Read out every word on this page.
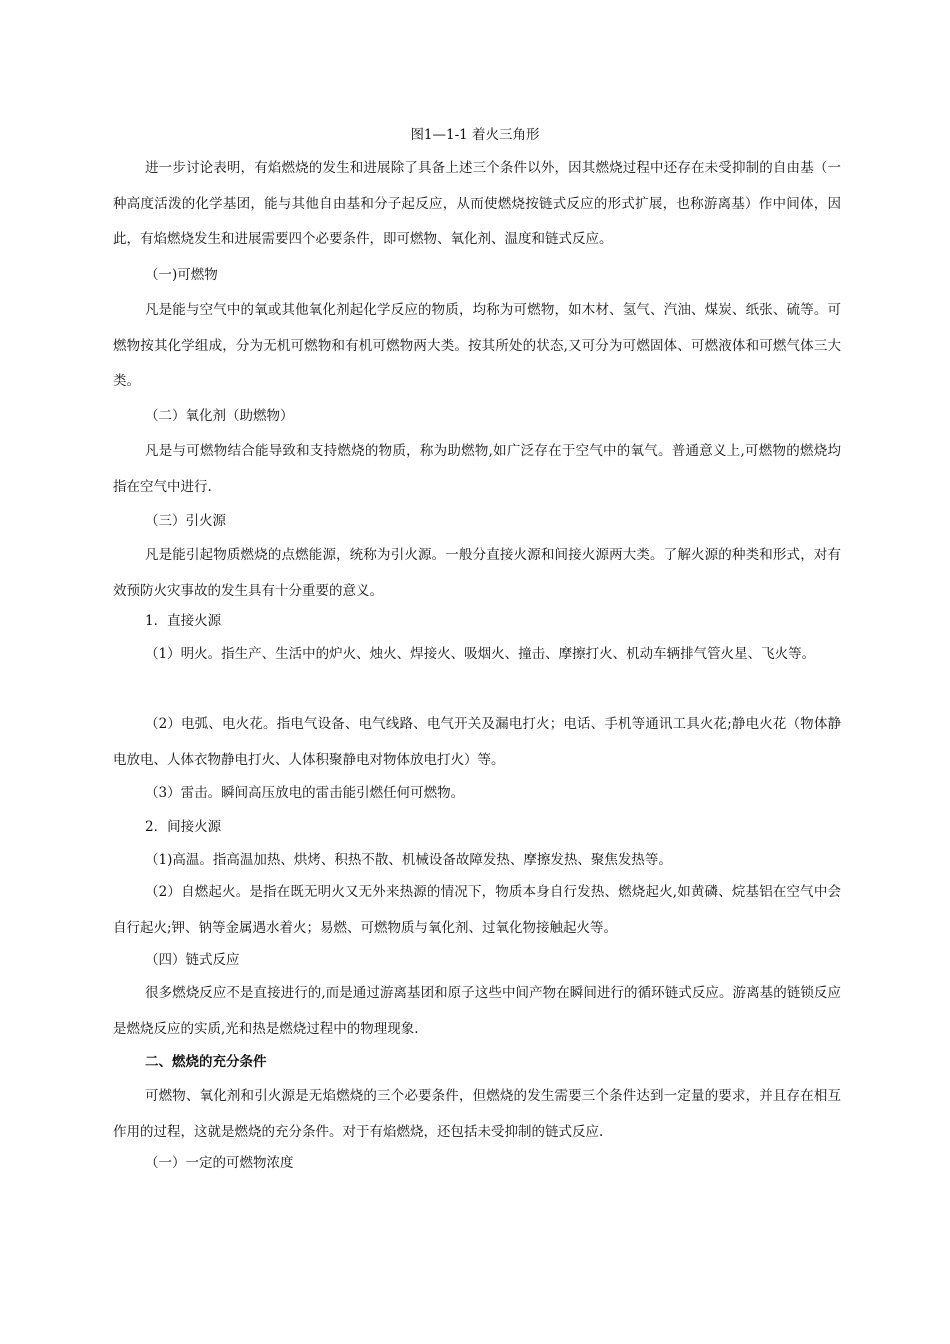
图1—1-1 着火三角形

进一步讨论表明，有焰燃烧的发生和进展除了具备上述三个条件以外，因其燃烧过程中还存在未受抑制的自由基（一种高度活泼的化学基团，能与其他自由基和分子起反应，从而使燃烧按链式反应的形式扩展，也称游离基）作中间体，因此，有焰燃烧发生和进展需要四个必要条件，即可燃物、氧化剂、温度和链式反应。

（一)可燃物

凡是能与空气中的氧或其他氧化剂起化学反应的物质，均称为可燃物，如木材、氢气、汽油、煤炭、纸张、硫等。可燃物按其化学组成，分为无机可燃物和有机可燃物两大类。按其所处的状态,又可分为可燃固体、可燃液体和可燃气体三大类。

（二）氧化剂（助燃物）

凡是与可燃物结合能导致和支持燃烧的物质，称为助燃物,如广泛存在于空气中的氧气。普通意义上,可燃物的燃烧均指在空气中进行.

（三）引火源

凡是能引起物质燃烧的点燃能源，统称为引火源。一般分直接火源和间接火源两大类。了解火源的种类和形式，对有效预防火灾事故的发生具有十分重要的意义。

1．直接火源

（1）明火。指生产、生活中的炉火、烛火、焊接火、吸烟火、撞击、摩擦打火、机动车辆排气管火星、飞火等。

（2）电弧、电火花。指电气设备、电气线路、电气开关及漏电打火；电话、手机等通讯工具火花;静电火花（物体静电放电、人体衣物静电打火、人体积聚静电对物体放电打火）等。

（3）雷击。瞬间高压放电的雷击能引燃任何可燃物。

2．间接火源

（1)高温。指高温加热、烘烤、积热不散、机械设备故障发热、摩擦发热、聚焦发热等。

（2）自燃起火。是指在既无明火又无外来热源的情况下，物质本身自行发热、燃烧起火,如黄磷、烷基铝在空气中会自行起火;钾、钠等金属遇水着火；易燃、可燃物质与氧化剂、过氧化物接触起火等。

（四）链式反应

很多燃烧反应不是直接进行的,而是通过游离基团和原子这些中间产物在瞬间进行的循环链式反应。游离基的链锁反应是燃烧反应的实质,光和热是燃烧过程中的物理现象.

二、燃烧的充分条件

可燃物、氧化剂和引火源是无焰燃烧的三个必要条件，但燃烧的发生需要三个条件达到一定量的要求，并且存在相互作用的过程，这就是燃烧的充分条件。对于有焰燃烧，还包括未受抑制的链式反应.

（一）一定的可燃物浓度
